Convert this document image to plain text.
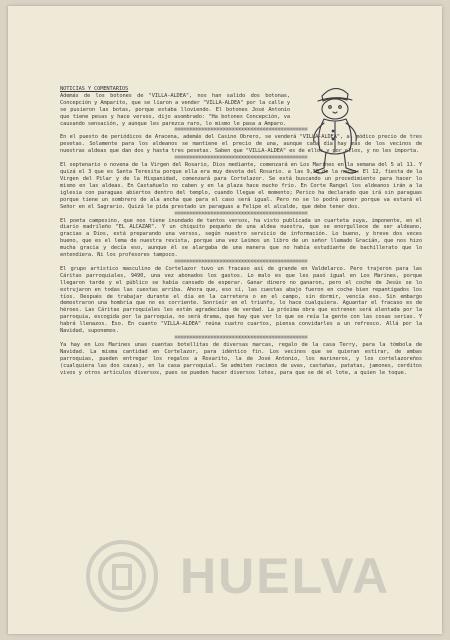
NOTICIAS Y COMENTARIOS

Además de los botones de "VILLA-ALDEA", nos han salido dos botonas, Concepción y Amparito, que se liaron a vender "VILLA-ALDEA" por la calle y se pusieron las botas, porque estaba lloviendo. El botones José Antonio que tiene pesas y hace versos, dijo asombrado: "Ha botones Concepción, va causando sensación, y aunque les parezca raro, lo mismo le pasa a Amparo.

⌘⌘⌘⌘⌘⌘⌘⌘⌘⌘⌘⌘⌘⌘⌘⌘⌘⌘⌘⌘⌘⌘⌘⌘⌘⌘⌘⌘⌘⌘⌘⌘⌘⌘⌘⌘⌘⌘⌘⌘⌘⌘⌘⌘

En el puesto de periódicos de Aracena, además del Casino Obrero, se venderá "VILLA-ALDEA", al módico precio de tres pesetas. Solamente para los aldeanos se mantiene el precio de una, aunque cada día hay más de los vecinos de nuestras aldeas que dan dos y hasta tres pesetas. Saben que "VILLA-ALDEA" es de ellos y por ellos, y no les importa.

⌘⌘⌘⌘⌘⌘⌘⌘⌘⌘⌘⌘⌘⌘⌘⌘⌘⌘⌘⌘⌘⌘⌘⌘⌘⌘⌘⌘⌘⌘⌘⌘⌘⌘⌘⌘⌘⌘⌘⌘⌘⌘⌘⌘

El septenario o novena de la Virgen del Rosario, Dios mediante, comenzará en Los Marines en la semana del 5 al 11. Y quizá el 3 que es Santa Teresita porque ella era muy devota del Rosario. a las 9,30 de la noche. El 12, fiesta de la Virgen del Pilar y de la Hispanidad, comenzará para Cortelazor. Se está buscando un procedimiento para hacer lo mismo en las aldeas. En Castañuelo no caben y en la plaza hace mucho frío. En Corte Rangel los aldeanos irán a la iglesia con paraguas abiertos dentro del templo, cuando llegue el momento; Perico ha declarado que irá sin paraguas porque tiene un sombrero de ala ancha que para el caso será igual. Pero no se lo podrá poner porque va estará el Señor en el Sagrario. Quizá le pida prestado un paraguas a Felipe el alcalde, que debe tener dos.

⌘⌘⌘⌘⌘⌘⌘⌘⌘⌘⌘⌘⌘⌘⌘⌘⌘⌘⌘⌘⌘⌘⌘⌘⌘⌘⌘⌘⌘⌘⌘⌘⌘⌘⌘⌘⌘⌘⌘⌘⌘⌘⌘⌘

El poeta campesino, que nos tiene inundado de tantos versos, ha visto publicada un cuarteta suya, imponente, en el diario madrileño "EL ALCAZAR". Y un chiquito pequeño de una aldea nuestra, que se enorgullece de ser aldeano, gracias a Dios, está preparando una versos, según nuestro servicio de información. Lo bueno, y breve dos veces bueno, que es el lema de nuestra revista, porque una vez Leimos un libro de un señor llamado Gracián, que nos hizo mucha gracia y decía eso, aunque él se alargaba de una manera que no había estudiante de bachillerato que lo entendiera. Ni los profesores tampoco.

⌘⌘⌘⌘⌘⌘⌘⌘⌘⌘⌘⌘⌘⌘⌘⌘⌘⌘⌘⌘⌘⌘⌘⌘⌘⌘⌘⌘⌘⌘⌘⌘⌘⌘⌘⌘⌘⌘⌘⌘⌘⌘⌘⌘

El grupo artístico masculino de Cortelazor tuvo un fracaso así de grande en Valdelarco. Pero trajeron para las Cáritas parroquiales, 9490, una vez abonados los gastos. Lo malo es que les pasó igual en Los Marines, porque llegaron tarde y el público se había cansado de esperar. Ganar dinero no ganaron, pero el coche de Jesús se lo estrujaron en todas las cuestas arriba. Ahora que, eso sí, las cuestas abajo fueron en coche bien repantigados los tíos. Después de trabajar durante el día en la carretera o en el campo, sin dormir, vencía eso. Sin embargo demostraron una hombría que no es corriente. Sonrieír en el triunfo, lo hace cualquiera. Aguantar el fracaso es de héroes. Las Cáritas parroquiales les están agradecidas de verdad. La próxima obra que estrenen será alentada por la parroquia, escogida por la parroquia, no será drama, que hay que ver lo que se reía la gente con las cosas serias. Y habrá llenazos. Eso. En cuanto "VILLA-ALDEA" reúna cuatro cuartos, piensa convidarles a un refresco. Allá por la Navidad, suponemos.

⌘⌘⌘⌘⌘⌘⌘⌘⌘⌘⌘⌘⌘⌘⌘⌘⌘⌘⌘⌘⌘⌘⌘⌘⌘⌘⌘⌘⌘⌘⌘⌘⌘⌘⌘⌘⌘⌘⌘⌘⌘⌘⌘⌘

Ya hay en Los Marines unas cuantas botellitas de diversas marcas, regalo de la casa Terry, para la tómbola de Navidad. La misma cantidad en Cortelazor, para idéntico fin. Los vecinos que se quieran estirar, de ambas parroquias, pueden entregar los regalos a Rosarito, la de José Antonio, los marineros, y los cortelazoreños (cualquiera las dos cazas), en la casa parroquial. Se admiten racimos de uvas, castañas, patatas, jamones, cerditos vivos y otros artículos diversos, pues se pueden hacer diversos lotes, para que se dé el lote, a quien le toque.

HUELVA
